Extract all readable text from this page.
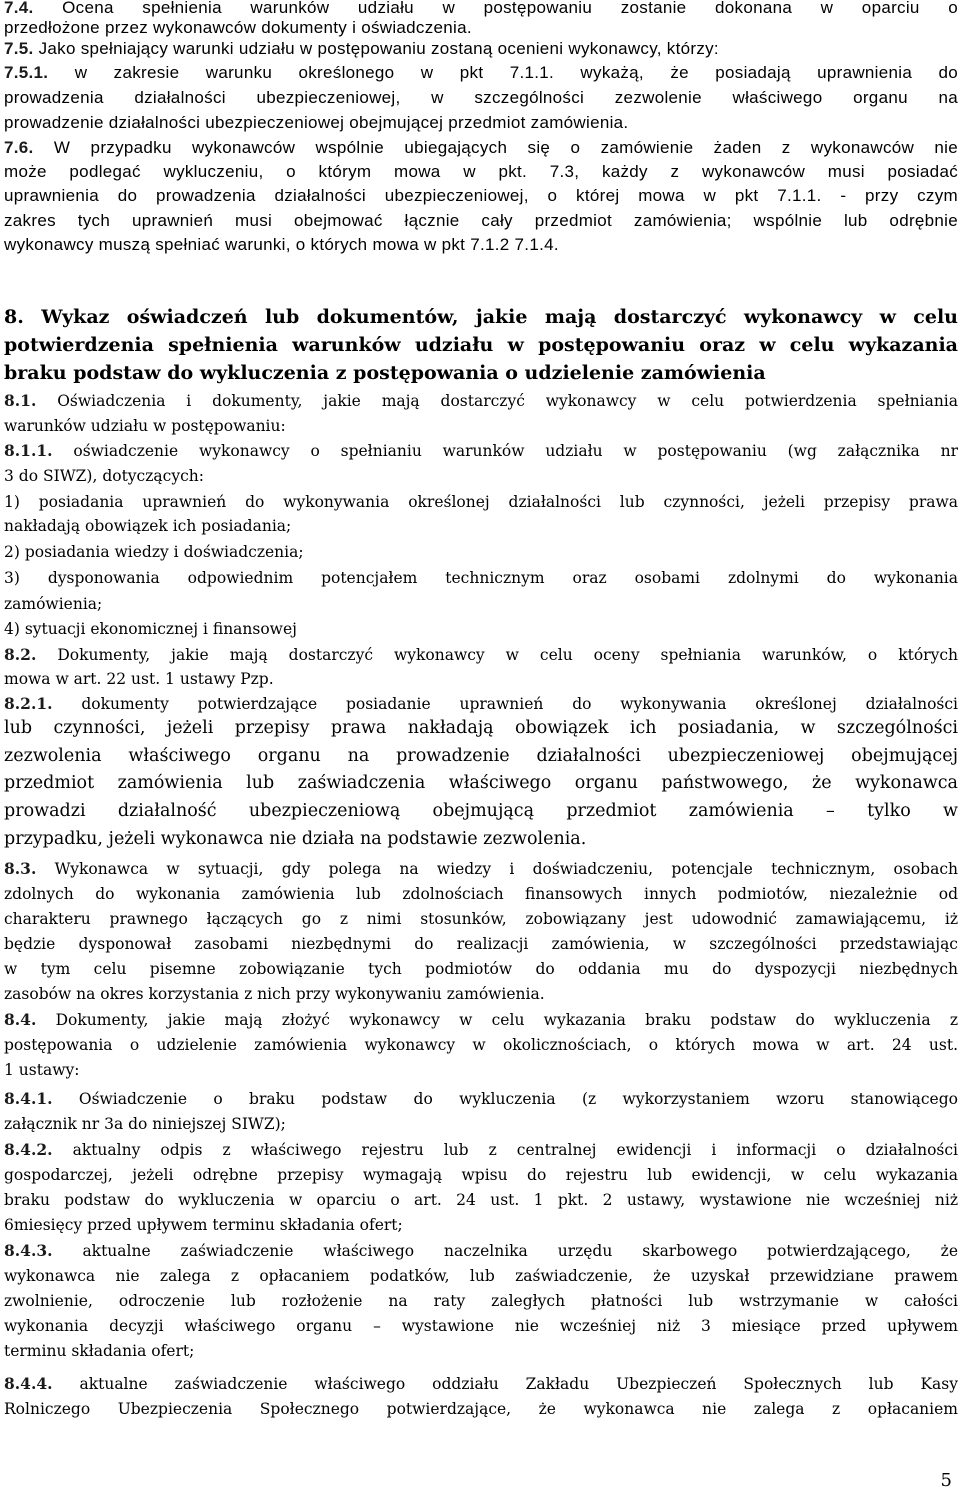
7.4. Ocena spełnienia warunków udziału w postępowaniu zostanie dokonana w oparciu o
przedłożone przez wykonawców dokumenty i oświadczenia.
7.5. Jako spełniający warunki udziału w postępowaniu zostaną ocenieni wykonawcy, którzy:
7.5.1. w zakresie warunku określonego w pkt 7.1.1. wykażą, że posiadają uprawnienia do
prowadzenia działalności ubezpieczeniowej, w szczególności zezwolenie właściwego organu na
prowadzenie działalności ubezpieczeniowej obejmującej przedmiot zamówienia.
7.6. W przypadku wykonawców wspólnie ubiegających się o zamówienie żaden z wykonawców nie
może podlegać wykluczeniu, o którym mowa w pkt. 7.3, każdy z wykonawców musi posiadać
uprawnienia do prowadzenia działalności ubezpieczeniowej, o której mowa w pkt 7.1.1. - przy czym
zakres tych uprawnień musi obejmować łącznie cały przedmiot zamówienia; wspólnie lub odrębnie
wykonawcy muszą spełniać warunki, o których mowa w pkt 7.1.2 7.1.4.
8. Wykaz oświadczeń lub dokumentów, jakie mają dostarczyć wykonawcy w celu
potwierdzenia spełnienia warunków udziału w postępowaniu oraz w celu wykazania
braku podstaw do wykluczenia z postępowania o udzielenie zamówienia
8.1. Oświadczenia i dokumenty, jakie mają dostarczyć wykonawcy w celu potwierdzenia spełniania
warunków udziału w postępowaniu:
8.1.1. oświadczenie wykonawcy o spełnianiu warunków udziału w postępowaniu (wg załącznika nr
3 do SIWZ), dotyczących:
1) posiadania uprawnień do wykonywania określonej działalności lub czynności, jeżeli przepisy prawa
nakładają obowiązek ich posiadania;
2) posiadania wiedzy i doświadczenia;
3) dysponowania odpowiednim potencjałem technicznym oraz osobami zdolnymi do wykonania
zamówienia;
4) sytuacji ekonomicznej i finansowej
8.2. Dokumenty, jakie mają dostarczyć wykonawcy w celu oceny spełniania warunków, o których
mowa w art. 22 ust. 1 ustawy Pzp.
8.2.1. dokumenty potwierdzające posiadanie uprawnień do wykonywania określonej działalności
lub czynności, jeżeli przepisy prawa nakładają obowiązek ich posiadania, w szczególności
zezwolenia właściwego organu na prowadzenie działalności ubezpieczeniowej obejmującej
przedmiot zamówienia lub zaświadczenia właściwego organu państwowego, że wykonawca
prowadzi działalność ubezpieczeniową obejmującą przedmiot zamówienia – tylko w
przypadku, jeżeli wykonawca nie działa na podstawie zezwolenia.
8.3. Wykonawca w sytuacji, gdy polega na wiedzy i doświadczeniu, potencjale technicznym, osobach
zdolnych do wykonania zamówienia lub zdolnościach finansowych innych podmiotów, niezależnie od
charakteru prawnego łączących go z nimi stosunków, zobowiązany jest udowodnić zamawiającemu, iż
będzie dysponował zasobami niezbędnymi do realizacji zamówienia, w szczególności przedstawiając
w tym celu pisemne zobowiązanie tych podmiotów do oddania mu do dyspozycji niezbędnych
zasobów na okres korzystania z nich przy wykonywaniu zamówienia.
8.4. Dokumenty, jakie mają złożyć wykonawcy w celu wykazania braku podstaw do wykluczenia z
postępowania o udzielenie zamówienia wykonawcy w okolicznościach, o których mowa w art. 24 ust.
1 ustawy:
8.4.1. Oświadczenie o braku podstaw do wykluczenia (z wykorzystaniem wzoru stanowiącego
załącznik nr 3a do niniejszej SIWZ);
8.4.2. aktualny odpis z właściwego rejestru lub z centralnej ewidencji i informacji o działalności
gospodarczej, jeżeli odrębne przepisy wymagają wpisu do rejestru lub ewidencji, w celu wykazania
braku podstaw do wykluczenia w oparciu o art. 24 ust. 1 pkt. 2 ustawy, wystawione nie wcześniej niż
6miesięcy przed upływem terminu składania ofert;
8.4.3. aktualne zaświadczenie właściwego naczelnika urzędu skarbowego potwierdzającego, że
wykonawca nie zalega z opłacaniem podatków, lub zaświadczenie, że uzyskał przewidziane prawem
zwolnienie, odroczenie lub rozłożenie na raty zaległych płatności lub wstrzymanie w całości
wykonania decyzji właściwego organu – wystawione nie wcześniej niż 3 miesiące przed upływem
terminu składania ofert;
8.4.4. aktualne zaświadczenie właściwego oddziału Zakładu Ubezpieczeń Społecznych lub Kasy
Rolniczego Ubezpieczenia Społecznego potwierdzające, że wykonawca nie zalega z opłacaniem
5
